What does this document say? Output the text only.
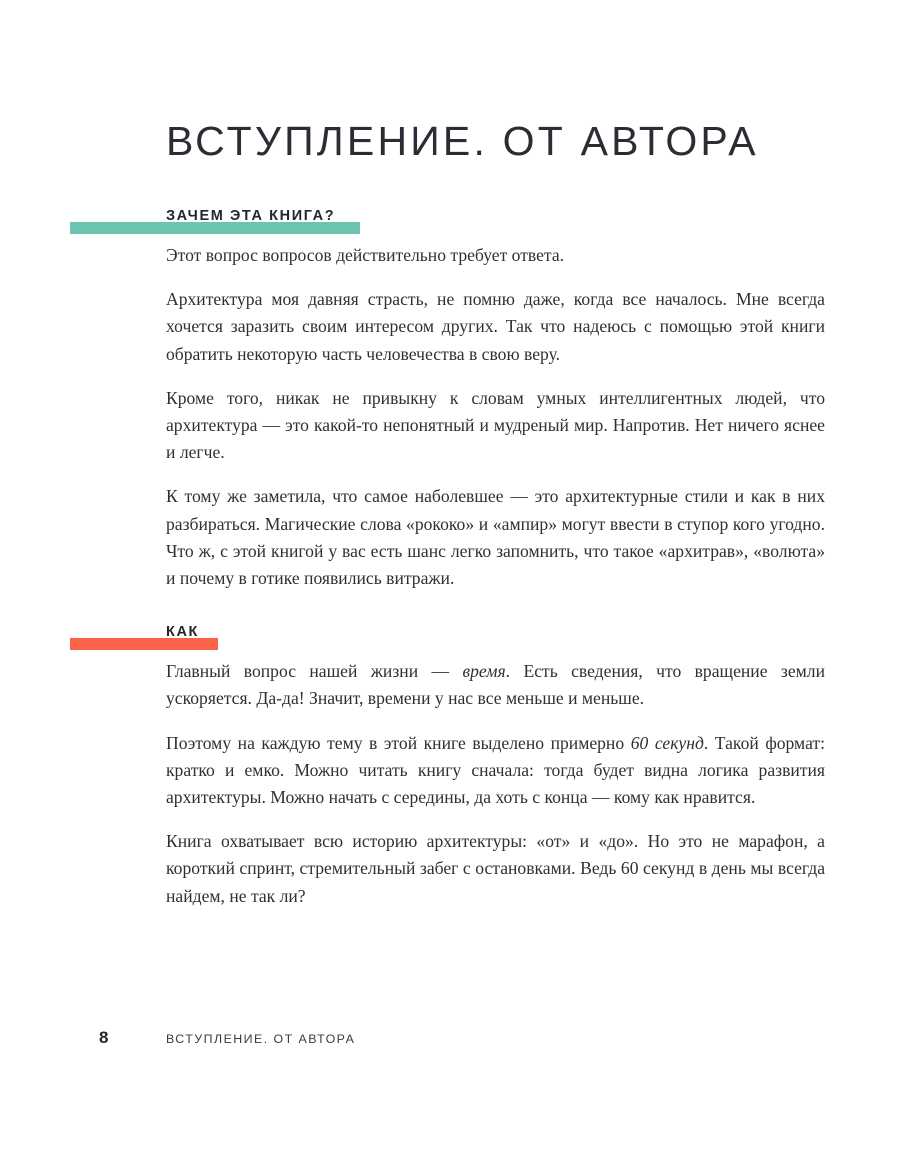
ВСТУПЛЕНИЕ. ОТ АВТОРА
ЗАЧЕМ ЭТА КНИГА?

Этот вопрос вопросов действительно требует ответа.

Архитектура моя давняя страсть, не помню даже, когда все началось. Мне всегда хочется заразить своим интересом других. Так что надеюсь с помощью этой книги обратить некоторую часть человечества в свою веру.

Кроме того, никак не привыкну к словам умных интеллигентных людей, что архитектура — это какой-то непонятный и мудреный мир. Напротив. Нет ничего яснее и легче.

К тому же заметила, что самое наболевшее — это архитектурные стили и как в них разбираться. Магические слова «рококо» и «ампир» могут ввести в ступор кого угодно. Что ж, с этой книгой у вас есть шанс легко запомнить, что такое «архитрав», «волюта» и почему в готике появились витражи.

КАК

Главный вопрос нашей жизни — время. Есть сведения, что вращение земли ускоряется. Да-да! Значит, времени у нас все меньше и меньше.

Поэтому на каждую тему в этой книге выделено примерно 60 секунд. Такой формат: кратко и емко. Можно читать книгу сначала: тогда будет видна логика развития архитектуры. Можно начать с середины, да хоть с конца — кому как нравится.

Книга охватывает всю историю архитектуры: «от» и «до». Но это не марафон, а короткий спринт, стремительный забег с остановками. Ведь 60 секунд в день мы всегда найдем, не так ли?

8	ВСТУПЛЕНИЕ. ОТ АВТОРА
